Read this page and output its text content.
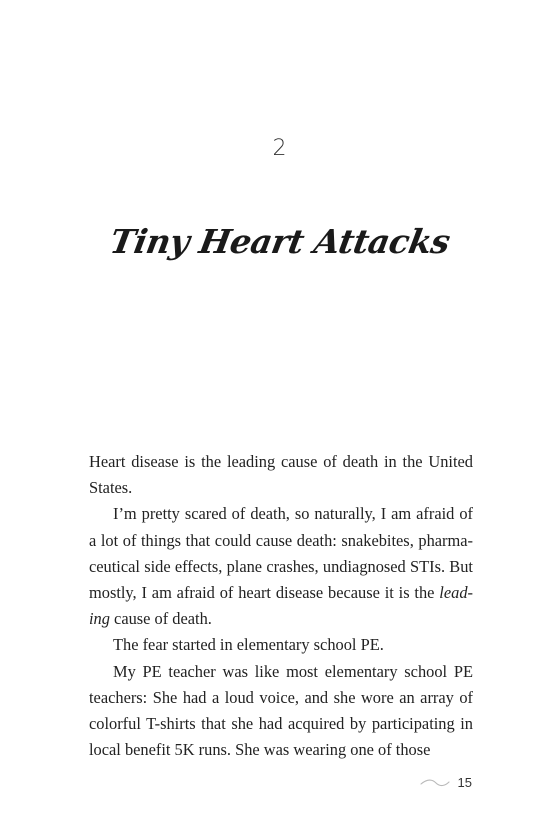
2
Tiny Heart Attacks

Heart disease is the leading cause of death in the United States.

I’m pretty scared of death, so naturally, I am afraid of a lot of things that could cause death: snakebites, pharmaceutical side effects, plane crashes, undiagnosed STIs. But mostly, I am afraid of heart disease because it is the leading cause of death.

The fear started in elementary school PE.

My PE teacher was like most elementary school PE teachers: She had a loud voice, and she wore an array of colorful T-shirts that she had acquired by participating in local benefit 5K runs. She was wearing one of those

15
